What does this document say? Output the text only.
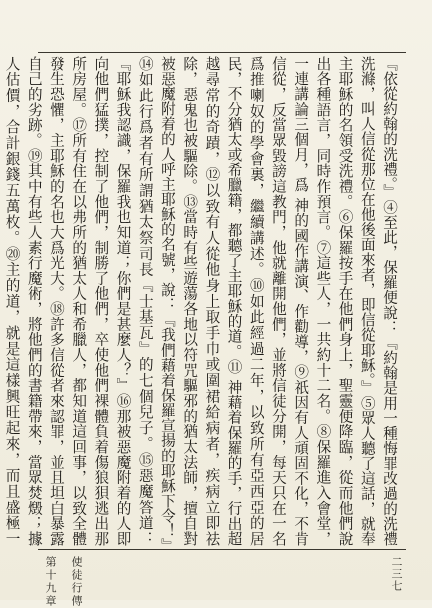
『依從約翰的洗禮。』④至此，保羅便說：『約翰是用一種悔罪改過的洗禮洗滌，叫人信從那位在他後面來者，即信從耶穌。』⑤眾人聽了這話，就奉主耶穌的名領受洗禮。⑥保羅按手在他們身上，聖靈便降臨，從而他們說出各種語言，同時作預言。⑦這些人，一共約十二名。⑧保羅進入會堂，一連講論三個月，爲 神的國作講演、作勸導，⑨祇因有人頑固不化，不肯信從，反當眾毀謗這教門，他就離開他們，並將信徒分開，每天只在一名爲推喇奴的學會裏，繼續講述。⑩如此經過二年，以致所有亞西亞的居民，不分猶太或希臘籍，都聽了主耶穌的道。⑪ 神藉着保羅的手，行出超越尋常的奇蹟，⑫以致有人從他身上取手巾或圍裙給病者，疾病立即祛除，惡鬼也被驅除。⑬當時有些遊蕩各地以符咒驅邪的猶太法師，擅自對被惡魔附着的人呼主耶穌的名號，說：『我們藉着保羅宣揚的耶穌下令！』⑭如此行爲者有所謂猶太祭司長『士基瓦』的七個兒子。⑮惡魔答道：『耶穌我認識，保羅我也知道；你們是甚麼人？』⑯那被惡魔附着的人即向他們猛撲，控制了他們，制勝了他們，卒使他們裸體負着傷狼狽逃出那所房屋。⑰所有住在以弗所的猶太人和希臘人，都知道這回事，以致全體發生恐懼，主耶穌的名也大爲光大。⑱許多信從者來認罪，並且坦白暴露自己的劣跡。⑲其中有些人素行魔術，將他們的書籍帶來，當眾焚燬；據人估價，合計銀錢五萬枚。⑳主的道，就是這樣興旺起來，而且盛極一

使徒行傳
第十九章	二三七
